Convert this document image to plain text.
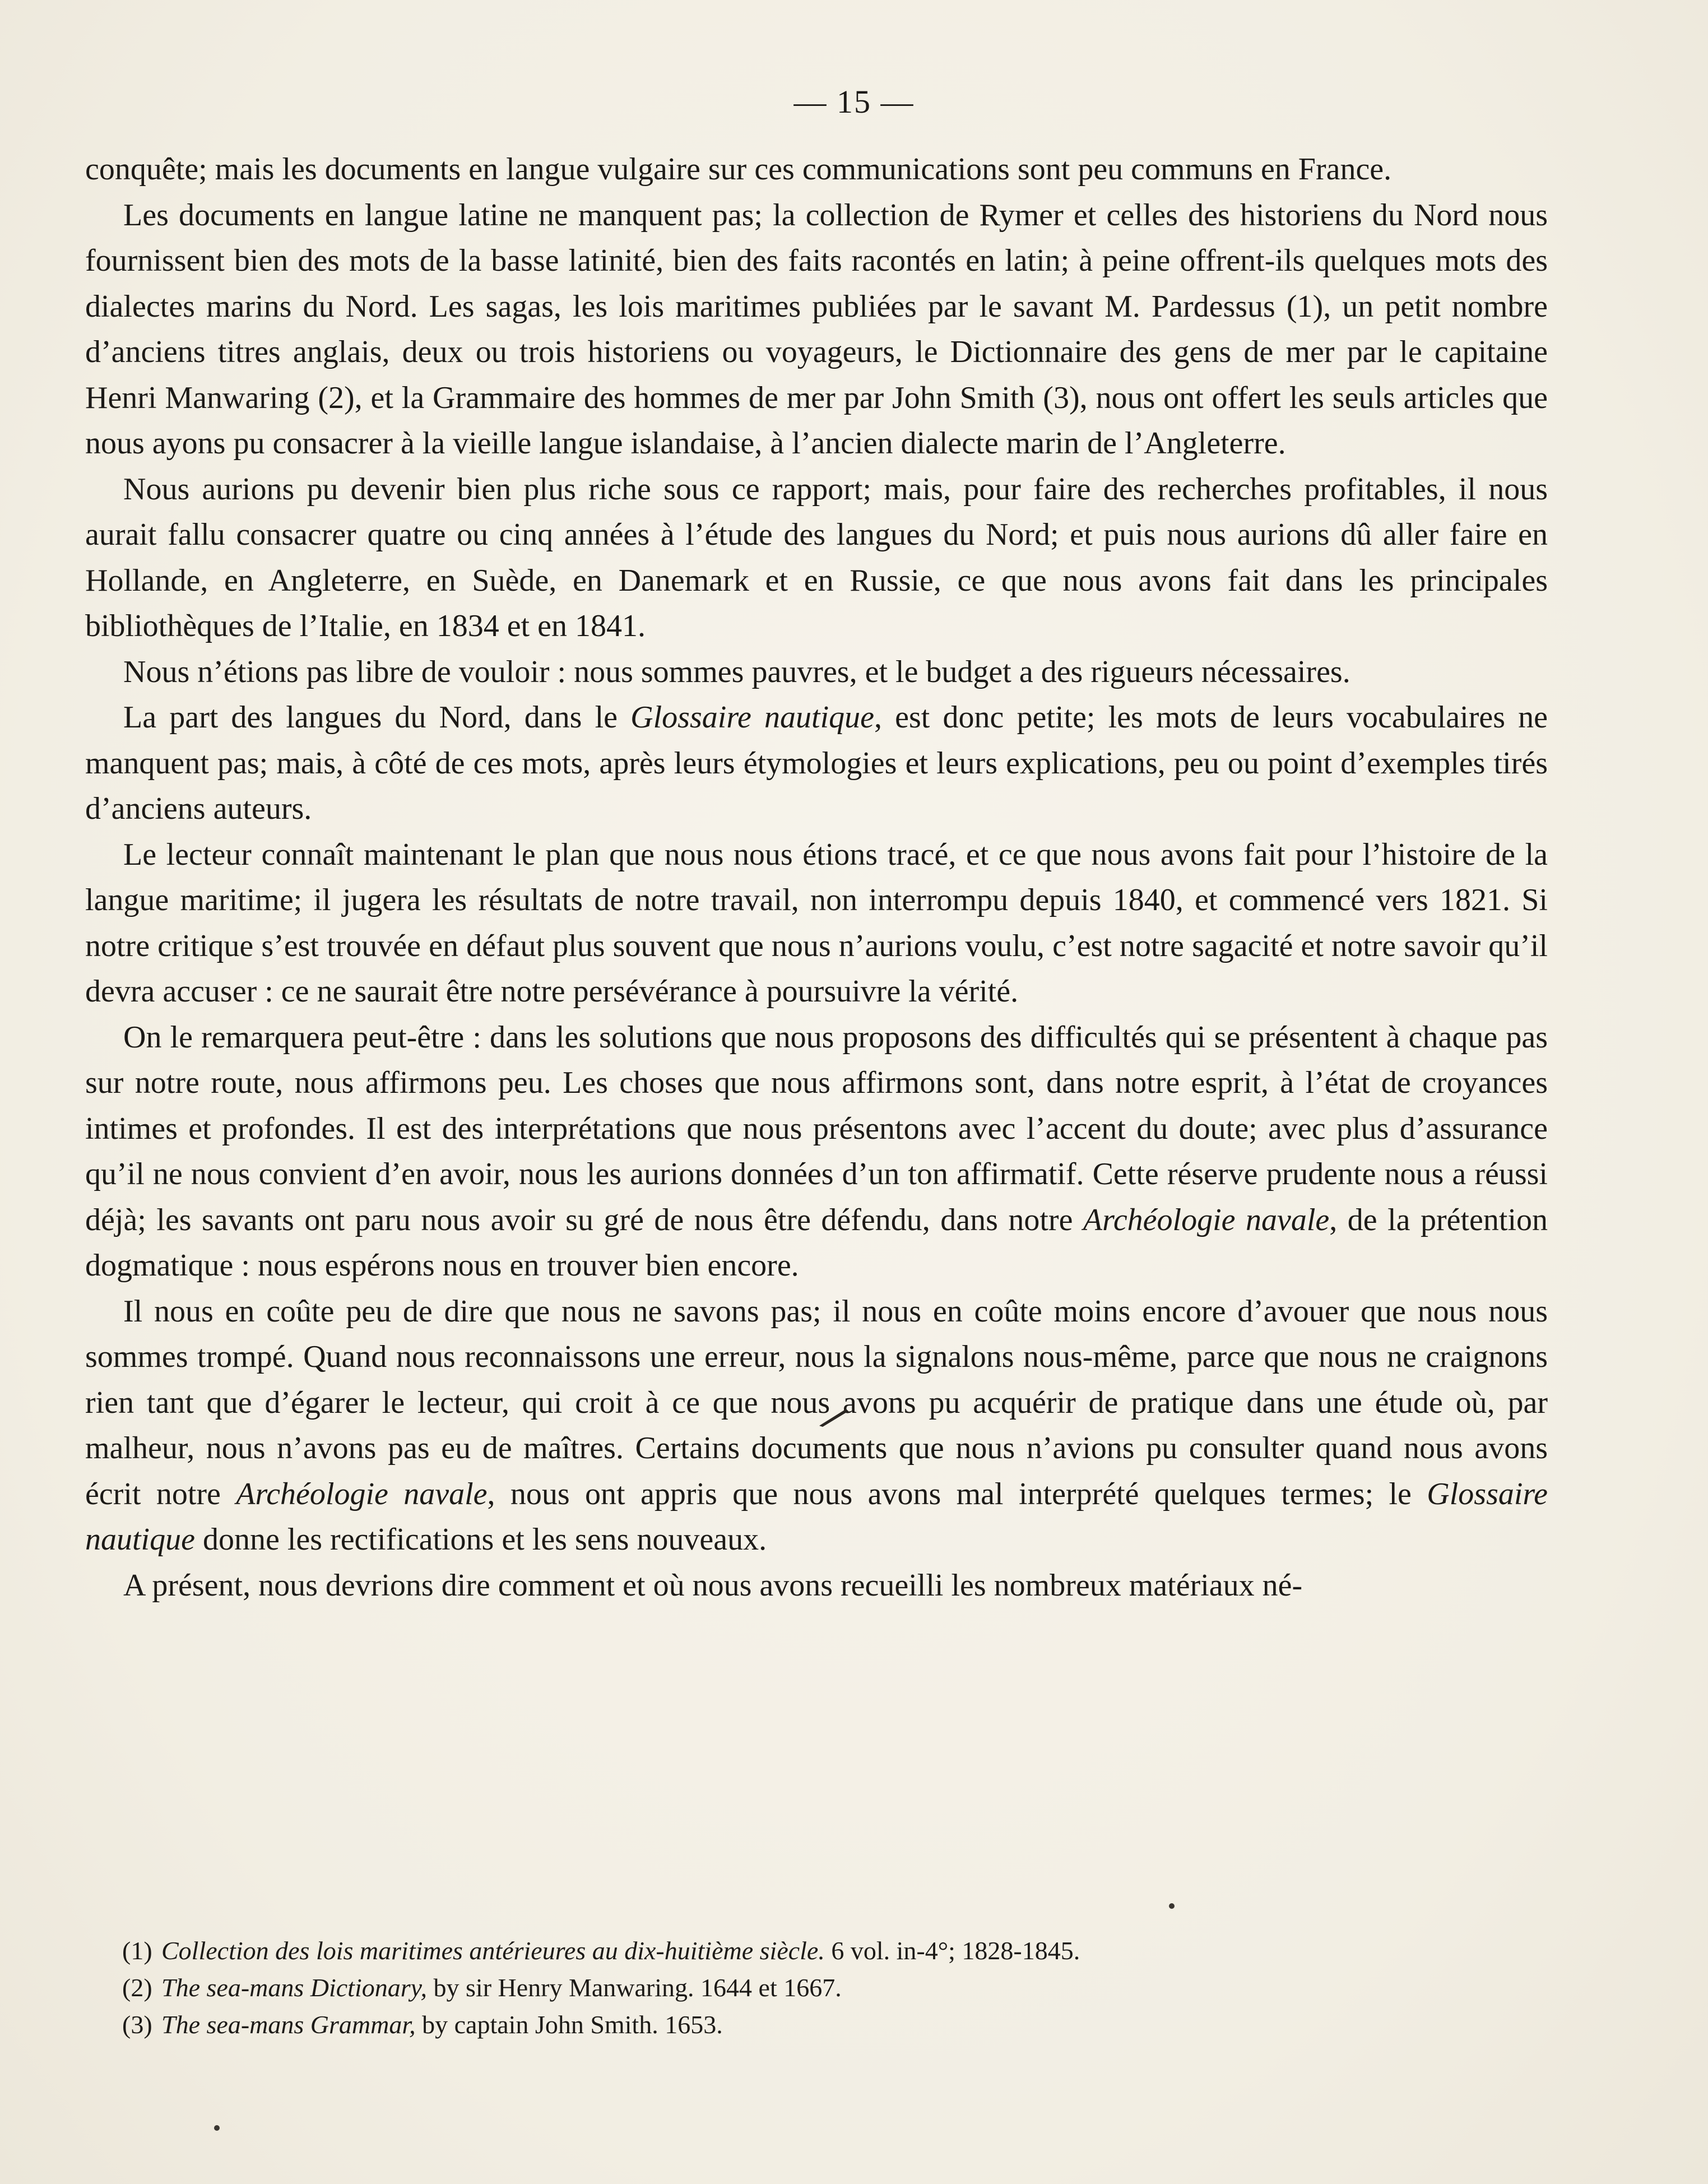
— 15 —

conquête; mais les documents en langue vulgaire sur ces communications sont peu communs en France.

Les documents en langue latine ne manquent pas; la collection de Rymer et celles des historiens du Nord nous fournissent bien des mots de la basse latinité, bien des faits racontés en latin; à peine offrent-ils quelques mots des dialectes marins du Nord. Les sagas, les lois maritimes publiées par le savant M. Pardessus (1), un petit nombre d’anciens titres anglais, deux ou trois historiens ou voyageurs, le Dictionnaire des gens de mer par le capitaine Henri Manwaring (2), et la Grammaire des hommes de mer par John Smith (3), nous ont offert les seuls articles que nous ayons pu consacrer à la vieille langue islandaise, à l’ancien dialecte marin de l’Angleterre.

Nous aurions pu devenir bien plus riche sous ce rapport; mais, pour faire des recherches profitables, il nous aurait fallu consacrer quatre ou cinq années à l’étude des langues du Nord; et puis nous aurions dû aller faire en Hollande, en Angleterre, en Suède, en Danemark et en Russie, ce que nous avons fait dans les principales bibliothèques de l’Italie, en 1834 et en 1841.

Nous n’étions pas libre de vouloir : nous sommes pauvres, et le budget a des rigueurs nécessaires.

La part des langues du Nord, dans le Glossaire nautique, est donc petite; les mots de leurs vocabulaires ne manquent pas; mais, à côté de ces mots, après leurs étymologies et leurs explications, peu ou point d’exemples tirés d’anciens auteurs.

Le lecteur connaît maintenant le plan que nous nous étions tracé, et ce que nous avons fait pour l’histoire de la langue maritime; il jugera les résultats de notre travail, non interrompu depuis 1840, et commencé vers 1821. Si notre critique s’est trouvée en défaut plus souvent que nous n’aurions voulu, c’est notre sagacité et notre savoir qu’il devra accuser : ce ne saurait être notre persévérance à poursuivre la vérité.

On le remarquera peut-être : dans les solutions que nous proposons des difficultés qui se présentent à chaque pas sur notre route, nous affirmons peu. Les choses que nous affirmons sont, dans notre esprit, à l’état de croyances intimes et profondes. Il est des interprétations que nous présentons avec l’accent du doute; avec plus d’assurance qu’il ne nous convient d’en avoir, nous les aurions données d’un ton affirmatif. Cette réserve prudente nous a réussi déjà; les savants ont paru nous avoir su gré de nous être défendu, dans notre Archéologie navale, de la prétention dogmatique : nous espérons nous en trouver bien encore.

Il nous en coûte peu de dire que nous ne savons pas; il nous en coûte moins encore d’avouer que nous nous sommes trompé. Quand nous reconnaissons une erreur, nous la signalons nous-même, parce que nous ne craignons rien tant que d’égarer le lecteur, qui croit à ce que nous avons pu acquérir de pratique dans une étude où, par malheur, nous n’avons pas eu de maîtres. Certains documents que nous n’avions pu consulter quand nous avons écrit notre Archéologie navale, nous ont appris que nous avons mal interprété quelques termes; le Glossaire nautique donne les rectifications et les sens nouveaux.

A présent, nous devrions dire comment et où nous avons recueilli les nombreux matériaux né-

(1) Collection des lois maritimes antérieures au dix-huitième siècle. 6 vol. in-4°; 1828-1845.

(2) The sea-mans Dictionary, by sir Henry Manwaring. 1644 et 1667.

(3) The sea-mans Grammar, by captain John Smith. 1653.
